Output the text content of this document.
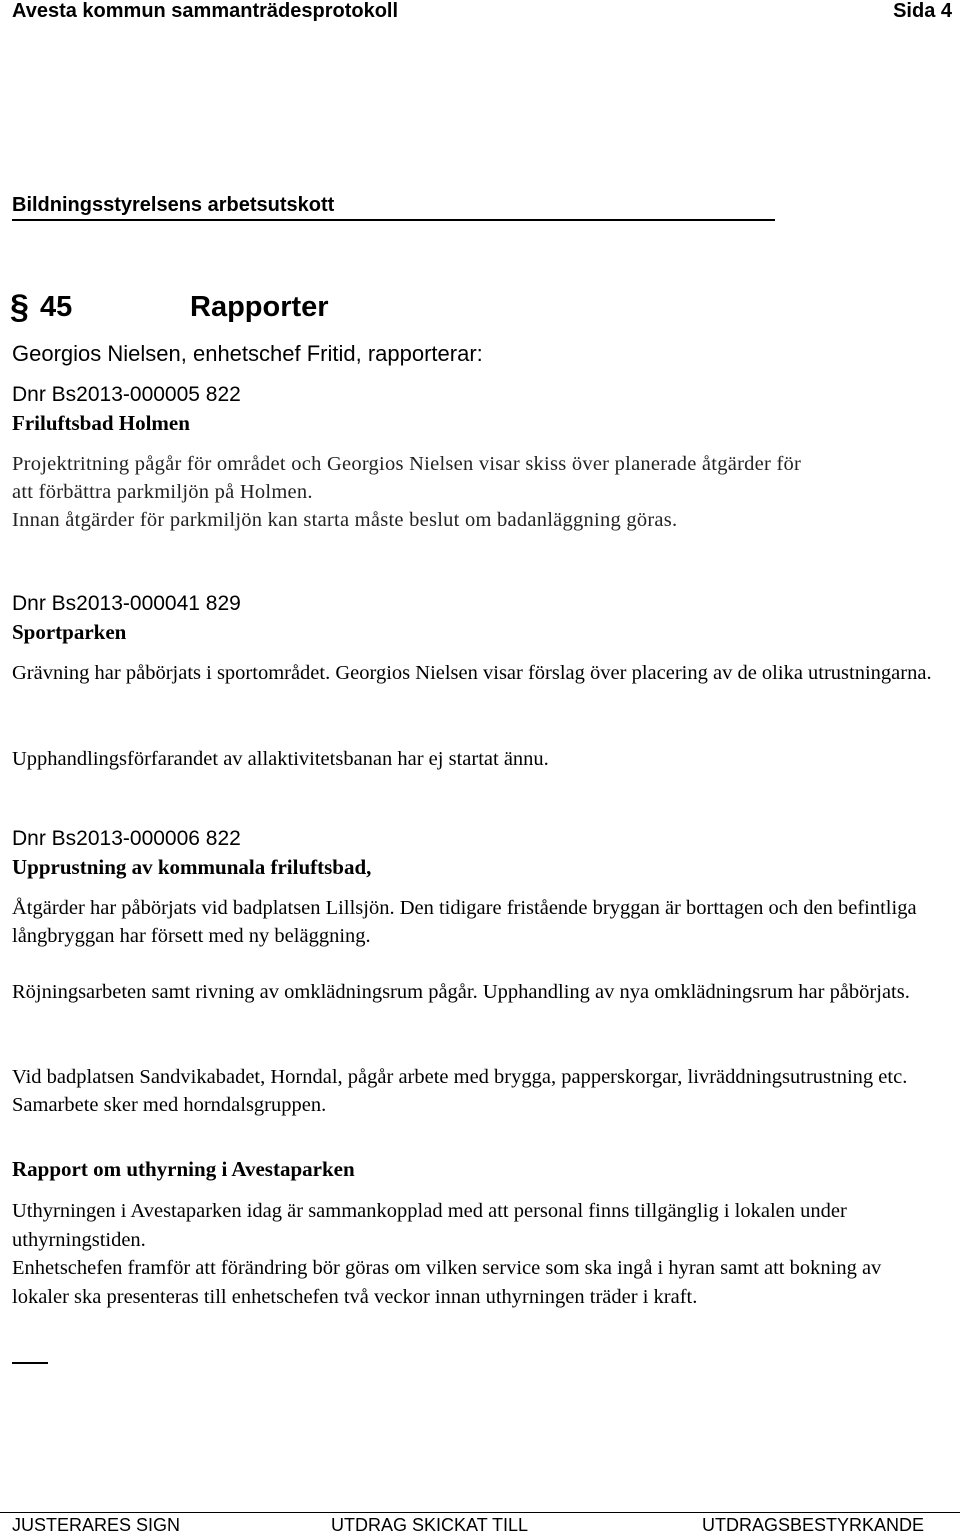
Avesta kommun sammanträdesprotokoll	Sida 4
Bildningsstyrelsens arbetsutskott
§ 45	Rapporter
Georgios Nielsen, enhetschef Fritid, rapporterar:
Dnr Bs2013-000005 822
Friluftsbad Holmen
Projektritning pågår för området och Georgios Nielsen visar skiss över planerade åtgärder för
att förbättra parkmiljön på Holmen.
Innan åtgärder för parkmiljön kan starta måste beslut om badanläggning göras.
Dnr Bs2013-000041 829
Sportparken
Grävning har påbörjats i sportområdet. Georgios Nielsen visar förslag över placering av de olika utrustningarna.
Upphandlingsförfarandet av allaktivitetsbanan har ej startat ännu.
Dnr Bs2013-000006 822
Upprustning av kommunala friluftsbad,
Åtgärder har påbörjats vid badplatsen Lillsjön. Den tidigare fristående bryggan är borttagen och den befintliga långbryggan har försett med ny beläggning.
Röjningsarbeten samt rivning av omklädningsrum pågår. Upphandling av nya omklädningsrum har påbörjats.
Vid badplatsen Sandvikabadet, Horndal, pågår arbete med brygga, papperskorgar, livräddningsutrustning etc. Samarbete sker med horndalsgruppen.
Rapport om uthyrning i Avestaparken
Uthyrningen i Avestaparken idag är sammankopplad med att personal finns tillgänglig i lokalen under uthyrningstiden.
Enhetschefen framför att förändring bör göras om vilken service som ska ingå i hyran samt att bokning av lokaler ska presenteras till enhetschefen två veckor innan uthyrningen träder i kraft.
JUSTERARES SIGN	UTDRAG SKICKAT TILL	UTDRAGSBESTYRKANDE
